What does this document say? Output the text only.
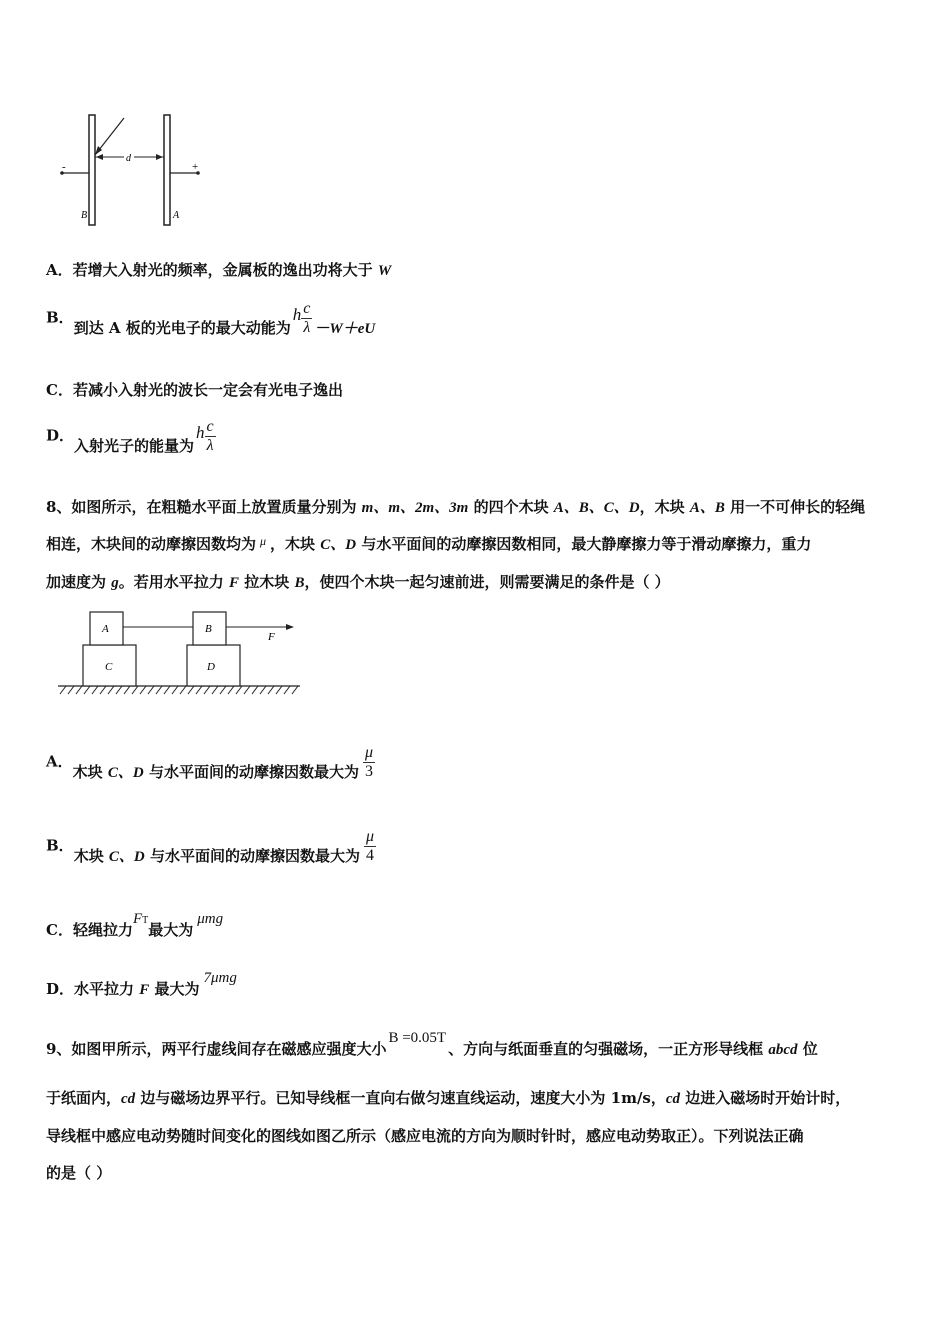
d
-	+
B	A
A．若增大入射光的频率，金属板的逸出功将大于 W
B．到达 A 板的光电子的最大动能为h $\frac{c}{\lambda} -W+eU$
C．若减小入射光的波长一定会有光电子逸出
D．入射光子的能量为h $\frac{c}{\lambda}$
8、如图所示，在粗糙水平面上放置质量分别为 m、m、2m、3m 的四个木块 A、B、C、D，木块 A、B 用一不可伸长的轻绳
相连，木块间的动摩擦因数均为 $^\mu$ ，木块 C、D 与水平面间的动摩擦因数相同，最大静摩擦力等于滑动摩擦力，重力
加速度为 g。若用水平拉力 F 拉木块 B，使四个木块一起匀速前进，则需要满足的条件是（ ）
C	D
A	B
F
A．木块 C、D 与水平面间的动摩擦因数最大为 $\frac{\mu}{3}$
B．木块 C、D 与水平面间的动摩擦因数最大为 $\frac{\mu}{4}$
C．轻绳拉力FT最大为μmg
D．水平拉力 F 最大为7μmg
9、如图甲所示，两平行虚线间存在磁感应强度大小B =0.05T、方向与纸面垂直的匀强磁场，一正方形导线框 abcd 位
于纸面内，cd 边与磁场边界平行。已知导线框一直向右做匀速直线运动，速度大小为 1m/s，cd 边进入磁场时开始计时，
导线框中感应电动势随时间变化的图线如图乙所示（感应电流的方向为顺时针时，感应电动势取正）。下列说法正确
的是（ ）
